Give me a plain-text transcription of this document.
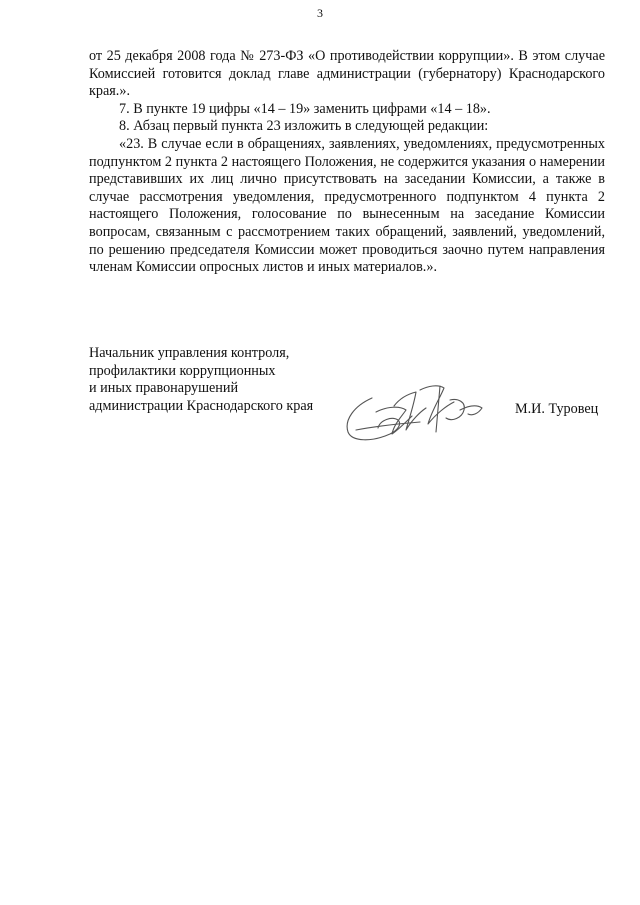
3

от 25 декабря 2008 года № 273-ФЗ «О противодействии коррупции». В этом случае Комиссией готовится доклад главе администрации (губернатору) Краснодарского края.».

7. В пункте 19 цифры «14 – 19» заменить цифрами «14 – 18».

8. Абзац первый пункта 23 изложить в следующей редакции:

«23. В случае если в обращениях, заявлениях, уведомлениях, предусмотренных подпунктом 2 пункта 2 настоящего Положения, не содержится указания о намерении представивших их лиц лично присутствовать на заседании Комиссии, а также в случае рассмотрения уведомления, предусмотренного подпунктом 4 пункта 2 настоящего Положения, голосование по вынесенным на заседание Комиссии вопросам, связанным с рассмотрением таких обращений, заявлений, уведомлений, по решению председателя Комиссии может проводиться заочно путем направления членам Комиссии опросных листов и иных материалов.».

Начальник управления контроля,
профилактики коррупционных
и иных правонарушений
администрации Краснодарского края	М.И. Туровец
